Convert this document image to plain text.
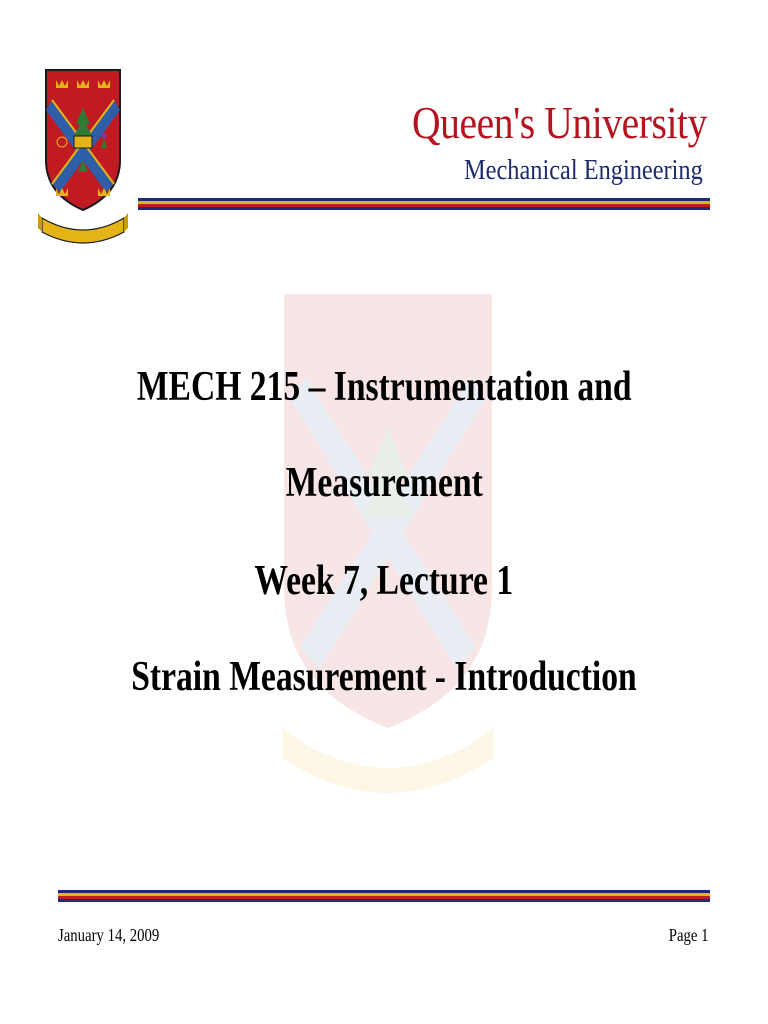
Queen's University
Mechanical Engineering
MECH 215 – Instrumentation and
Measurement
Week 7, Lecture 1
Strain Measurement - Introduction
January 14, 2009	Page 1
